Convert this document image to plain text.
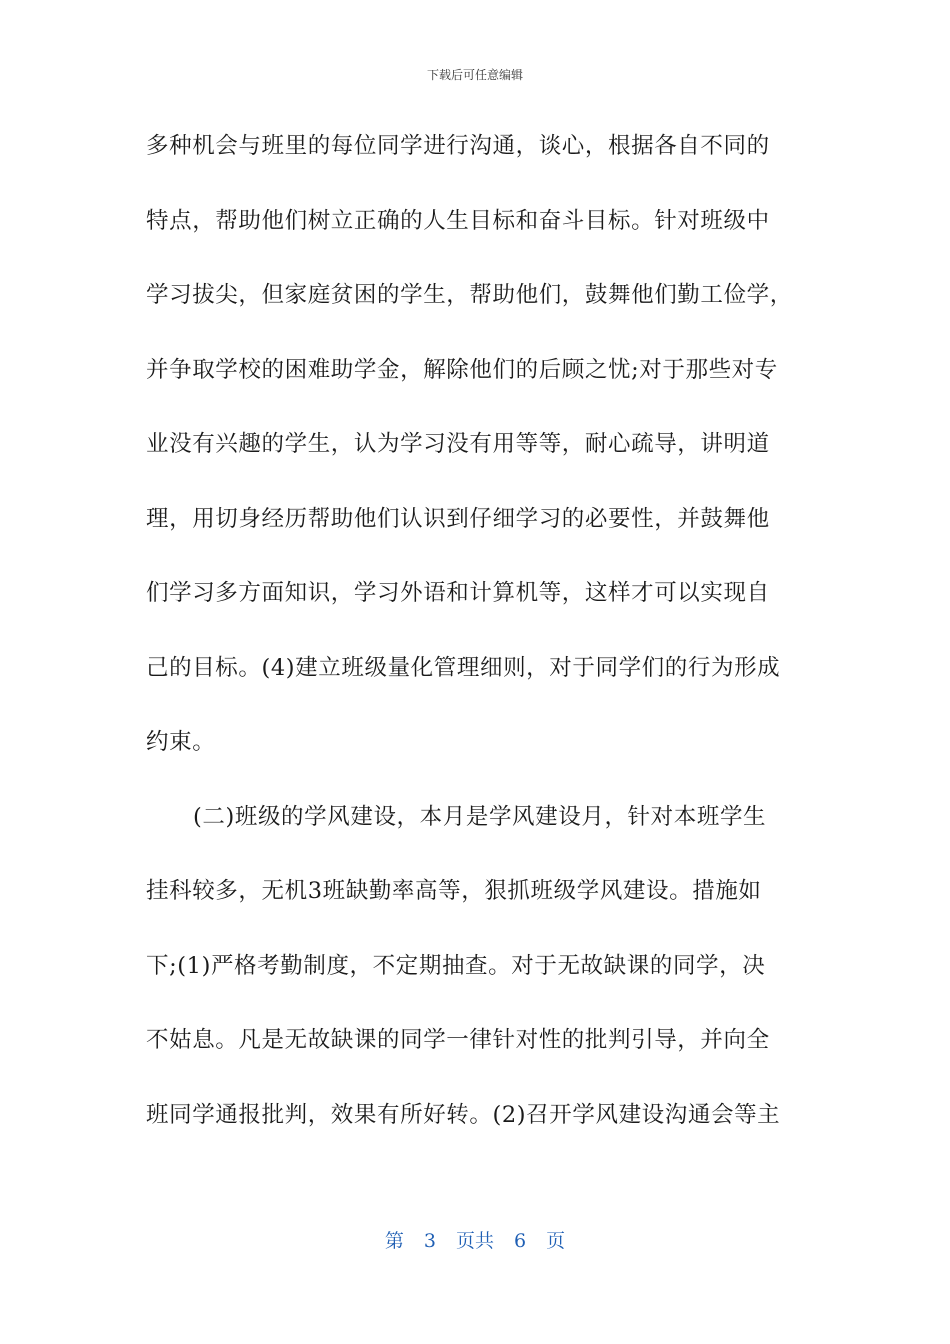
下载后可任意编辑
多种机会与班里的每位同学进行沟通，谈心，根据各自不同的
特点，帮助他们树立正确的人生目标和奋斗目标。针对班级中
学习拔尖，但家庭贫困的学生，帮助他们，鼓舞他们勤工俭学，
并争取学校的困难助学金，解除他们的后顾之忧;对于那些对专
业没有兴趣的学生，认为学习没有用等等，耐心疏导，讲明道
理，用切身经历帮助他们认识到仔细学习的必要性，并鼓舞他
们学习多方面知识，学习外语和计算机等，这样才可以实现自
己的目标。(4)建立班级量化管理细则，对于同学们的行为形成
约束。
(二)班级的学风建设，本月是学风建设月，针对本班学生
挂科较多，无机3班缺勤率高等，狠抓班级学风建设。措施如
下;(1)严格考勤制度，不定期抽查。对于无故缺课的同学，决
不姑息。凡是无故缺课的同学一律针对性的批判引导，并向全
班同学通报批判，效果有所好转。(2)召开学风建设沟通会等主
第 3 页共 6 页
